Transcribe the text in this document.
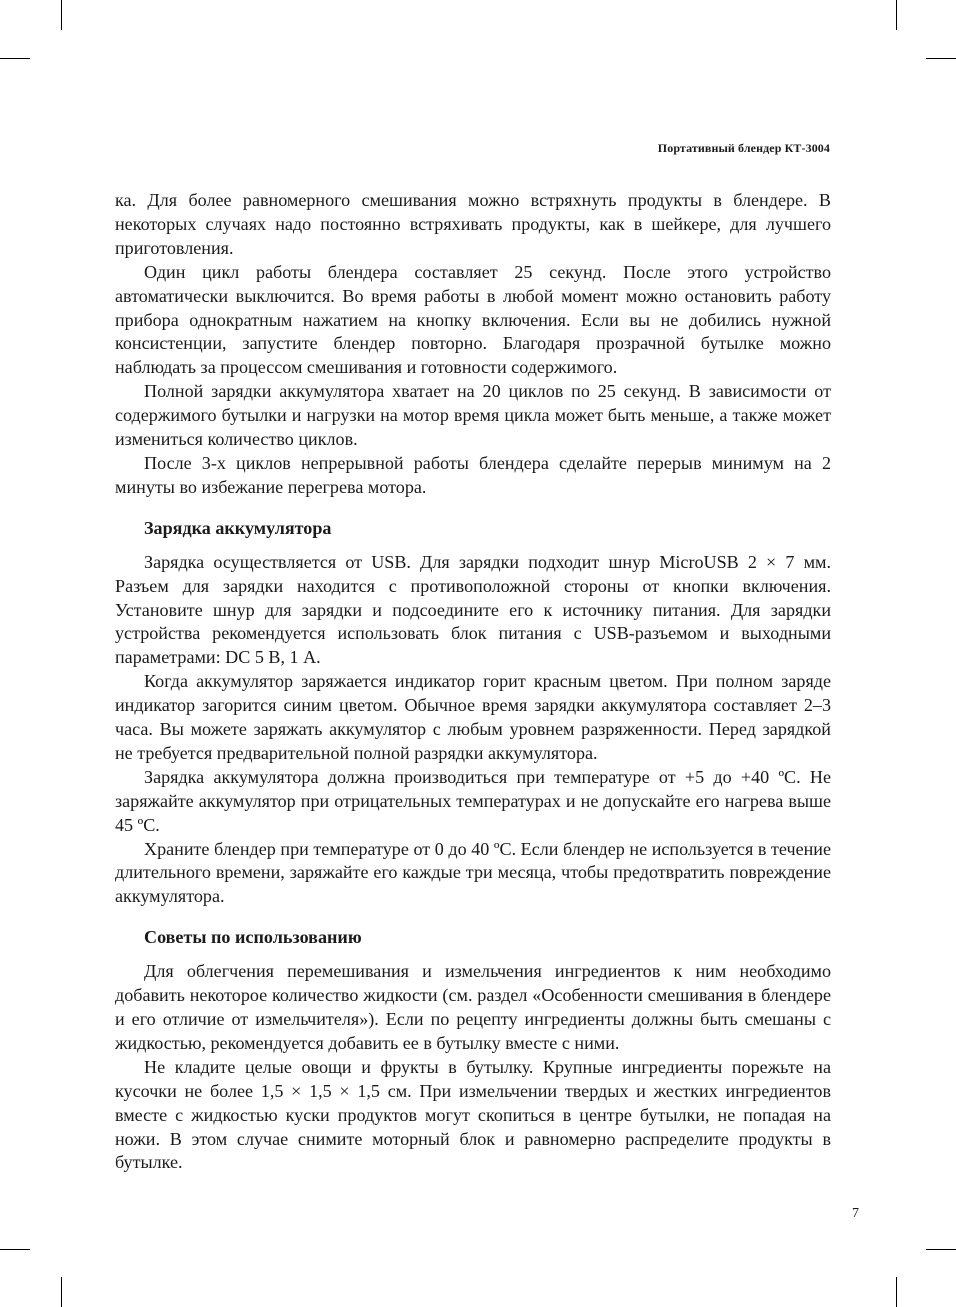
Портативный блендер КТ-3004

ка. Для более равномерного смешивания можно встряхнуть продукты в блендере. В некоторых случаях надо постоянно встряхивать продукты, как в шейкере, для лучшего приготовления.

Один цикл работы блендера составляет 25 секунд. После этого устройство автоматически выключится. Во время работы в любой момент можно остановить работу прибора однократным нажатием на кнопку включения. Если вы не добились нужной консистенции, запустите блендер повторно. Благодаря прозрачной бутылке можно наблюдать за процессом смешивания и готовности содержимого.

Полной зарядки аккумулятора хватает на 20 циклов по 25 секунд. В зависимости от содержимого бутылки и нагрузки на мотор время цикла может быть меньше, а также может измениться количество циклов.

После 3-х циклов непрерывной работы блендера сделайте перерыв минимум на 2 минуты во избежание перегрева мотора.

Зарядка аккумулятора

Зарядка осуществляется от USB. Для зарядки подходит шнур MicroUSB 2 × 7 мм. Разъем для зарядки находится с противоположной стороны от кнопки включения. Установите шнур для зарядки и подсоедините его к источнику питания. Для зарядки устройства рекомендуется использовать блок питания с USB-разъемом и выходными параметрами: DC 5 В, 1 А.

Когда аккумулятор заряжается индикатор горит красным цветом. При полном заряде индикатор загорится синим цветом. Обычное время зарядки аккумулятора составляет 2–3 часа. Вы можете заряжать аккумулятор с любым уровнем разряженности. Перед зарядкой не требуется предварительной полной разрядки аккумулятора.

Зарядка аккумулятора должна производиться при температуре от +5 до +40 ºC. Не заряжайте аккумулятор при отрицательных температурах и не допускайте его нагрева выше 45 ºC.

Храните блендер при температуре от 0 до 40 ºC. Если блендер не используется в течение длительного времени, заряжайте его каждые три месяца, чтобы предотвратить повреждение аккумулятора.

Советы по использованию

Для облегчения перемешивания и измельчения ингредиентов к ним необходимо добавить некоторое количество жидкости (см. раздел «Особенности смешивания в блендере и его отличие от измельчителя»). Если по рецепту ингредиенты должны быть смешаны с жидкостью, рекомендуется добавить ее в бутылку вместе с ними.

Не кладите целые овощи и фрукты в бутылку. Крупные ингредиенты порежьте на кусочки не более 1,5 × 1,5 × 1,5 см. При измельчении твердых и жестких ингредиентов вместе с жидкостью куски продуктов могут скопиться в центре бутылки, не попадая на ножи. В этом случае снимите моторный блок и равномерно распределите продукты в бутылке.

7
